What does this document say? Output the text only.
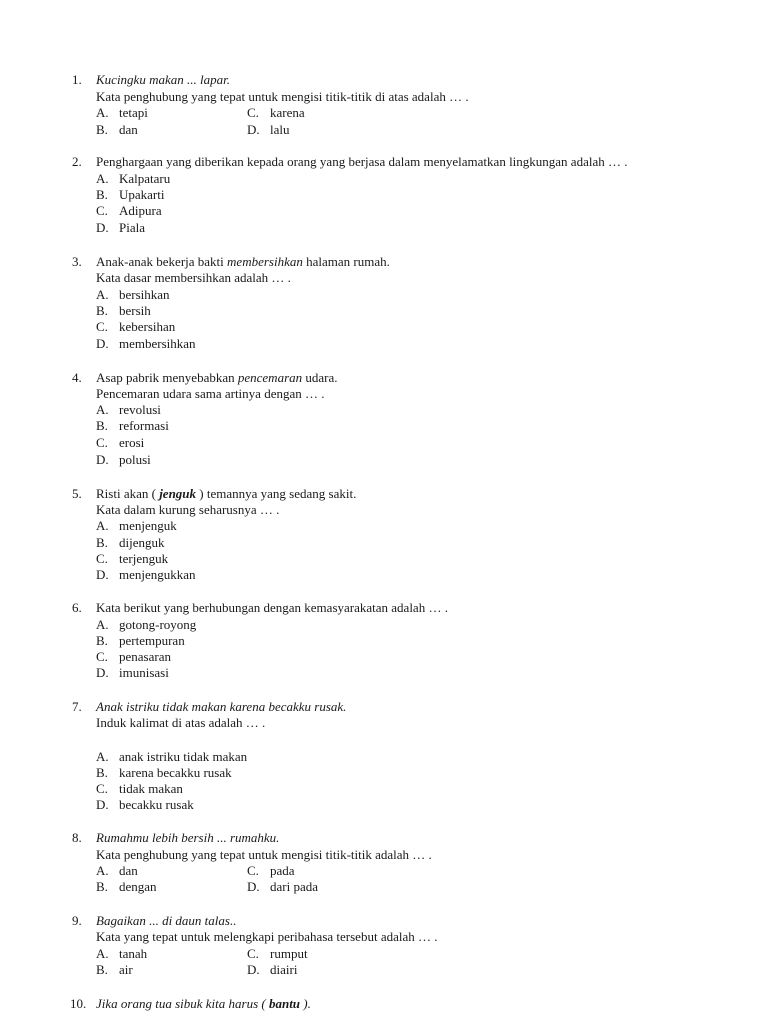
1. Kucingku makan ... lapar.
Kata penghubung yang tepat untuk mengisi titik-titik di atas adalah … .
A. tetapi	C. karena
B. dan	D. lalu
2. Penghargaan yang diberikan kepada orang yang berjasa dalam menyelamatkan lingkungan adalah … .
A. Kalpataru
B. Upakarti
C. Adipura
D. Piala
3. Anak-anak bekerja bakti membersihkan halaman rumah.
Kata dasar membersihkan adalah … .
A. bersihkan
B. bersih
C. kebersihan
D. membersihkan
4. Asap pabrik menyebabkan pencemaran udara.
Pencemaran udara sama artinya dengan … .
A. revolusi
B. reformasi
C. erosi
D. polusi
5. Risti akan ( jenguk ) temannya yang sedang sakit.
Kata dalam kurung seharusnya … .
A. menjenguk
B. dijenguk
C. terjenguk
D. menjengukkan
6. Kata berikut yang berhubungan dengan kemasyarakatan adalah … .
A. gotong-royong
B. pertempuran
C. penasaran
D. imunisasi
7. Anak istriku tidak makan karena becakku rusak.
Induk kalimat di atas adalah … .
A. anak istriku tidak makan
B. karena becakku rusak
C. tidak makan
D. becakku rusak
8. Rumahmu lebih bersih ... rumahku.
Kata penghubung yang tepat untuk mengisi titik-titik adalah … .
A. dan	C. pada
B. dengan	D. dari pada
9. Bagaikan ... di daun talas..
Kata yang tepat untuk melengkapi peribahasa tersebut adalah … .
A. tanah	C. rumput
B. air	D. diairi
10. Jika orang tua sibuk kita harus ( bantu ).
